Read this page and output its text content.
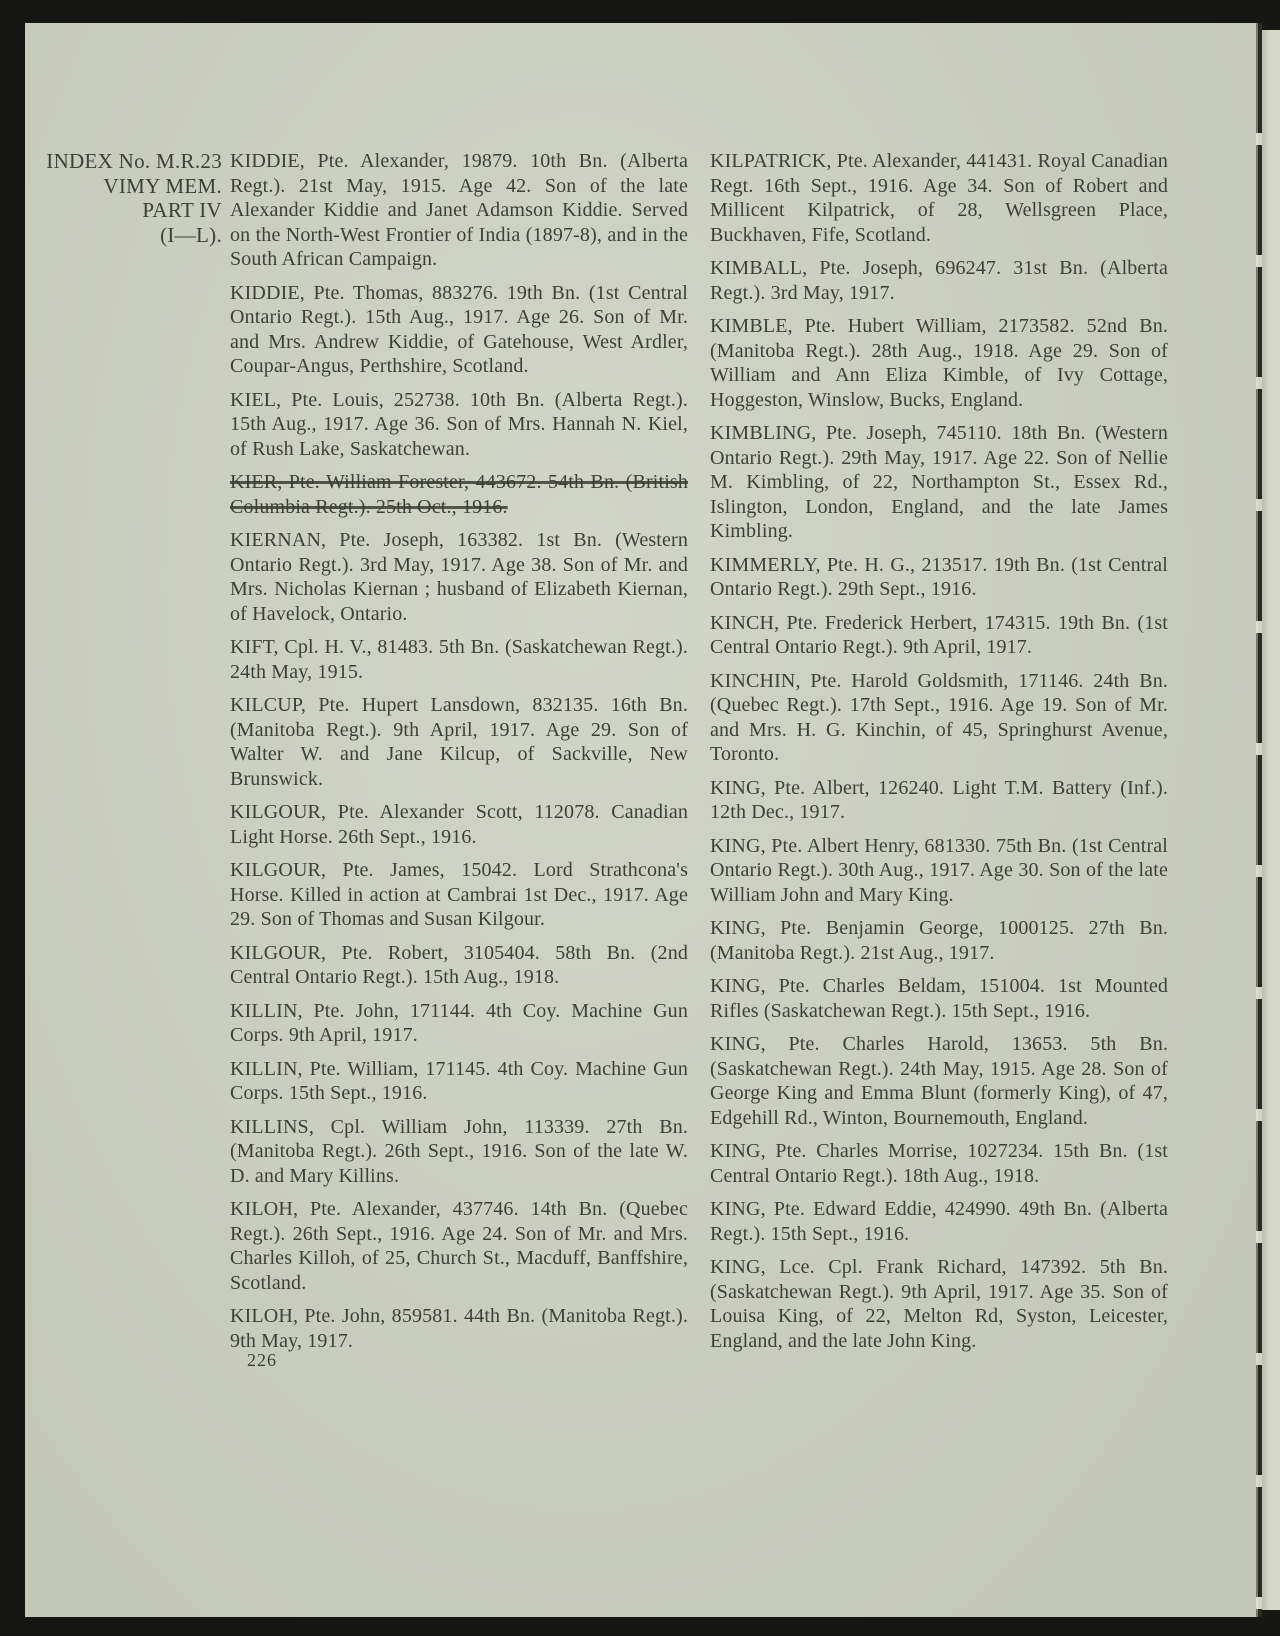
INDEX No. M.R.23
VIMY MEM.
PART IV
(I—L).

KIDDIE, Pte. Alexander, 19879. 10th Bn. (Alberta Regt.). 21st May, 1915. Age 42. Son of the late Alexander Kiddie and Janet Adamson Kiddie. Served on the North-West Frontier of India (1897-8), and in the South African Campaign.

KIDDIE, Pte. Thomas, 883276. 19th Bn. (1st Central Ontario Regt.). 15th Aug., 1917. Age 26. Son of Mr. and Mrs. Andrew Kiddie, of Gatehouse, West Ardler, Coupar-Angus, Perthshire, Scotland.

KIEL, Pte. Louis, 252738. 10th Bn. (Alberta Regt.). 15th Aug., 1917. Age 36. Son of Mrs. Hannah N. Kiel, of Rush Lake, Saskatchewan.

KIER, Pte. William Forester, 443672. 54th Bn. (British Columbia Regt.). 25th Oct., 1916.

KIERNAN, Pte. Joseph, 163382. 1st Bn. (Western Ontario Regt.). 3rd May, 1917. Age 38. Son of Mr. and Mrs. Nicholas Kiernan ; husband of Elizabeth Kiernan, of Havelock, Ontario.

KIFT, Cpl. H. V., 81483. 5th Bn. (Saskatchewan Regt.). 24th May, 1915.

KILCUP, Pte. Hupert Lansdown, 832135. 16th Bn. (Manitoba Regt.). 9th April, 1917. Age 29. Son of Walter W. and Jane Kilcup, of Sackville, New Brunswick.

KILGOUR, Pte. Alexander Scott, 112078. Canadian Light Horse. 26th Sept., 1916.

KILGOUR, Pte. James, 15042. Lord Strathcona's Horse. Killed in action at Cambrai 1st Dec., 1917. Age 29. Son of Thomas and Susan Kilgour.

KILGOUR, Pte. Robert, 3105404. 58th Bn. (2nd Central Ontario Regt.). 15th Aug., 1918.

KILLIN, Pte. John, 171144. 4th Coy. Machine Gun Corps. 9th April, 1917.

KILLIN, Pte. William, 171145. 4th Coy. Machine Gun Corps. 15th Sept., 1916.

KILLINS, Cpl. William John, 113339. 27th Bn. (Manitoba Regt.). 26th Sept., 1916. Son of the late W. D. and Mary Killins.

KILOH, Pte. Alexander, 437746. 14th Bn. (Quebec Regt.). 26th Sept., 1916. Age 24. Son of Mr. and Mrs. Charles Killoh, of 25, Church St., Macduff, Banffshire, Scotland.

KILOH, Pte. John, 859581. 44th Bn. (Manitoba Regt.). 9th May, 1917.

KILPATRICK, Pte. Alexander, 441431. Royal Canadian Regt. 16th Sept., 1916. Age 34. Son of Robert and Millicent Kilpatrick, of 28, Wellsgreen Place, Buckhaven, Fife, Scotland.

KIMBALL, Pte. Joseph, 696247. 31st Bn. (Alberta Regt.). 3rd May, 1917.

KIMBLE, Pte. Hubert William, 2173582. 52nd Bn. (Manitoba Regt.). 28th Aug., 1918. Age 29. Son of William and Ann Eliza Kimble, of Ivy Cottage, Hoggeston, Winslow, Bucks, England.

KIMBLING, Pte. Joseph, 745110. 18th Bn. (Western Ontario Regt.). 29th May, 1917. Age 22. Son of Nellie M. Kimbling, of 22, Northampton St., Essex Rd., Islington, London, England, and the late James Kimbling.

KIMMERLY, Pte. H. G., 213517. 19th Bn. (1st Central Ontario Regt.). 29th Sept., 1916.

KINCH, Pte. Frederick Herbert, 174315. 19th Bn. (1st Central Ontario Regt.). 9th April, 1917.

KINCHIN, Pte. Harold Goldsmith, 171146. 24th Bn. (Quebec Regt.). 17th Sept., 1916. Age 19. Son of Mr. and Mrs. H. G. Kinchin, of 45, Springhurst Avenue, Toronto.

KING, Pte. Albert, 126240. Light T.M. Battery (Inf.). 12th Dec., 1917.

KING, Pte. Albert Henry, 681330. 75th Bn. (1st Central Ontario Regt.). 30th Aug., 1917. Age 30. Son of the late William John and Mary King.

KING, Pte. Benjamin George, 1000125. 27th Bn. (Manitoba Regt.). 21st Aug., 1917.

KING, Pte. Charles Beldam, 151004. 1st Mounted Rifles (Saskatchewan Regt.). 15th Sept., 1916.

KING, Pte. Charles Harold, 13653. 5th Bn. (Saskatchewan Regt.). 24th May, 1915. Age 28. Son of George King and Emma Blunt (formerly King), of 47, Edgehill Rd., Winton, Bournemouth, England.

KING, Pte. Charles Morrise, 1027234. 15th Bn. (1st Central Ontario Regt.). 18th Aug., 1918.

KING, Pte. Edward Eddie, 424990. 49th Bn. (Alberta Regt.). 15th Sept., 1916.

KING, Lce. Cpl. Frank Richard, 147392. 5th Bn. (Saskatchewan Regt.). 9th April, 1917. Age 35. Son of Louisa King, of 22, Melton Rd, Syston, Leicester, England, and the late John King.

226
